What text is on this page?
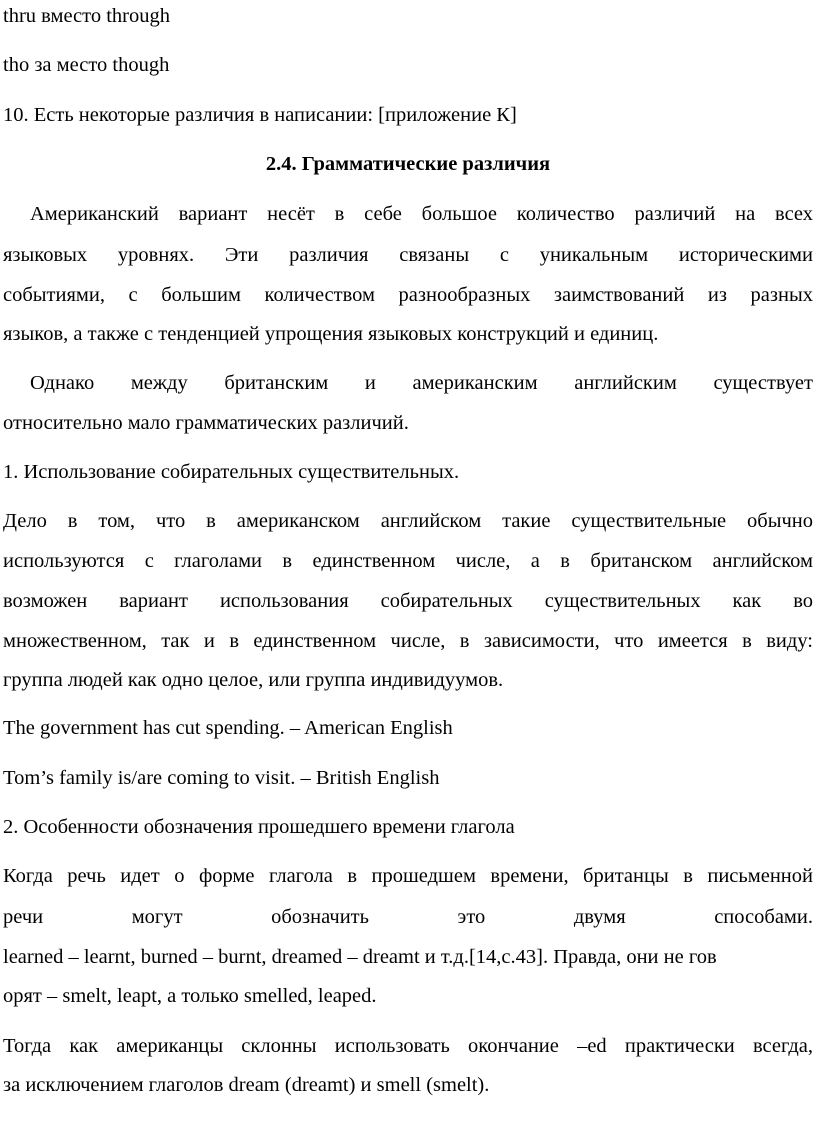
thru вместо through
tho за место though
10. Есть некоторые различия в написании: [приложение К]
2.4. Грамматические различия
Американский вариант несёт в себе большое количество различий на всех
языковых уровнях. Эти различия связаны с уникальным историческими
событиями, с большим количеством разнообразных заимствований из разных
языков, а также с тенденцией упрощения языковых конструкций и единиц.
Однако между британским и американским английским существует
относительно мало грамматических различий.
1. Использование собирательных существительных.
Дело в том, что в американском английском такие существительные обычно
используются с глаголами в единственном числе, а в британском английском
возможен вариант использования собирательных существительных как во
множественном, так и в единственном числе, в зависимости, что имеется в виду:
группа людей как одно целое, или группа индивидуумов.
The government has cut spending. – American English
Tom’s family is/are coming to visit. – British English
2. Особенности обозначения прошедшего времени глагола
Когда речь идет о форме глагола в прошедшем времени, британцы в письменной
речи могут обозначить это двумя способами.
learned – learnt, burned – burnt, dreamed – dreamt и т.д.[14,с.43]. Правда, они не гов
орят – smelt, leapt, а только smelled, leaped.
Тогда как американцы склонны использовать окончание –ed практически всегда,
за исключением глаголов dream (dreamt) и smell (smelt).
